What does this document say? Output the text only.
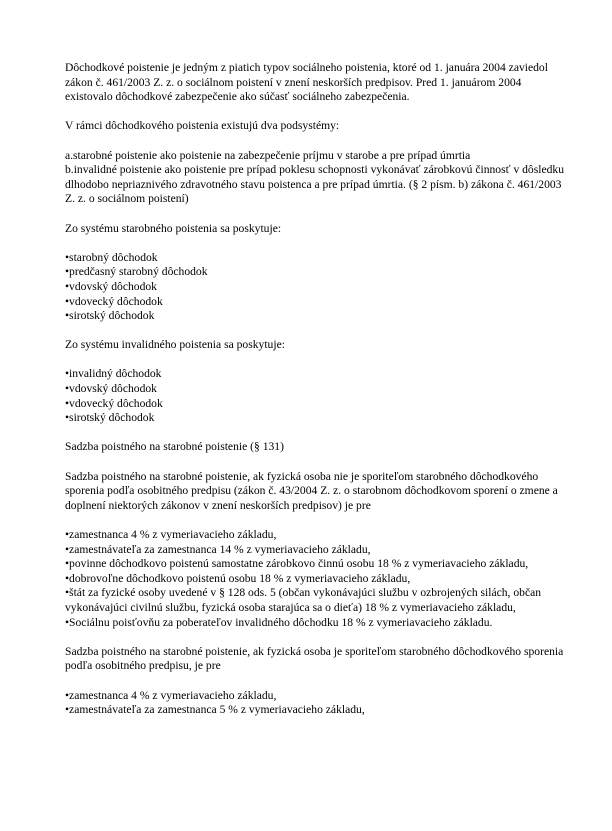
Dôchodkové poistenie je jedným z piatich typov sociálneho poistenia, ktoré od 1. januára 2004 zaviedol zákon č. 461/2003 Z. z. o sociálnom poistení v znení neskorších predpisov. Pred 1. januárom 2004 existovalo dôchodkové zabezpečenie ako súčasť sociálneho zabezpečenia.

V rámci dôchodkového poistenia existujú dva podsystémy:

a.starobné poistenie ako poistenie na zabezpečenie príjmu v starobe a pre prípad úmrtia

b.invalidné poistenie ako poistenie pre prípad poklesu schopnosti vykonávať zárobkovú činnosť v dôsledku dlhodobo nepriaznivého zdravotného stavu poistenca a pre prípad úmrtia. (§ 2 písm. b) zákona č. 461/2003 Z. z. o sociálnom poistení)

Zo systému starobného poistenia sa poskytuje:

•starobný dôchodok
•predčasný starobný dôchodok
•vdovský dôchodok
•vdovecký dôchodok
•sirotský dôchodok

Zo systému invalidného poistenia sa poskytuje:

•invalidný dôchodok
•vdovský dôchodok
•vdovecký dôchodok
•sirotský dôchodok

Sadzba poistného na starobné poistenie (§ 131)

Sadzba poistného na starobné poistenie, ak fyzická osoba nie je sporiteľom starobného dôchodkového sporenia podľa osobitného predpisu (zákon č. 43/2004 Z. z. o starobnom dôchodkovom sporení o zmene a doplnení niektorých zákonov v znení neskorších predpisov) je pre

•zamestnanca 4 % z vymeriavacieho základu,
•zamestnávateľa za zamestnanca 14 % z vymeriavacieho základu,
•povinne dôchodkovo poistenú samostatne zárobkovo činnú osobu 18 % z vymeriavacieho základu,
•dobrovoľne dôchodkovo poistenú osobu 18 % z vymeriavacieho základu,
•štát za fyzické osoby uvedené v § 128 ods. 5 (občan vykonávajúci službu v ozbrojených silách, občan vykonávajúci civilnú službu, fyzická osoba starajúca sa o dieťa) 18 % z vymeriavacieho základu,
•Sociálnu poisťovňu za poberateľov invalidného dôchodku 18 % z vymeriavacieho základu.

Sadzba poistného na starobné poistenie, ak fyzická osoba je sporiteľom starobného dôchodkového sporenia podľa osobitného predpisu, je pre

•zamestnanca 4 % z vymeriavacieho základu,
•zamestnávateľa za zamestnanca 5 % z vymeriavacieho základu,
